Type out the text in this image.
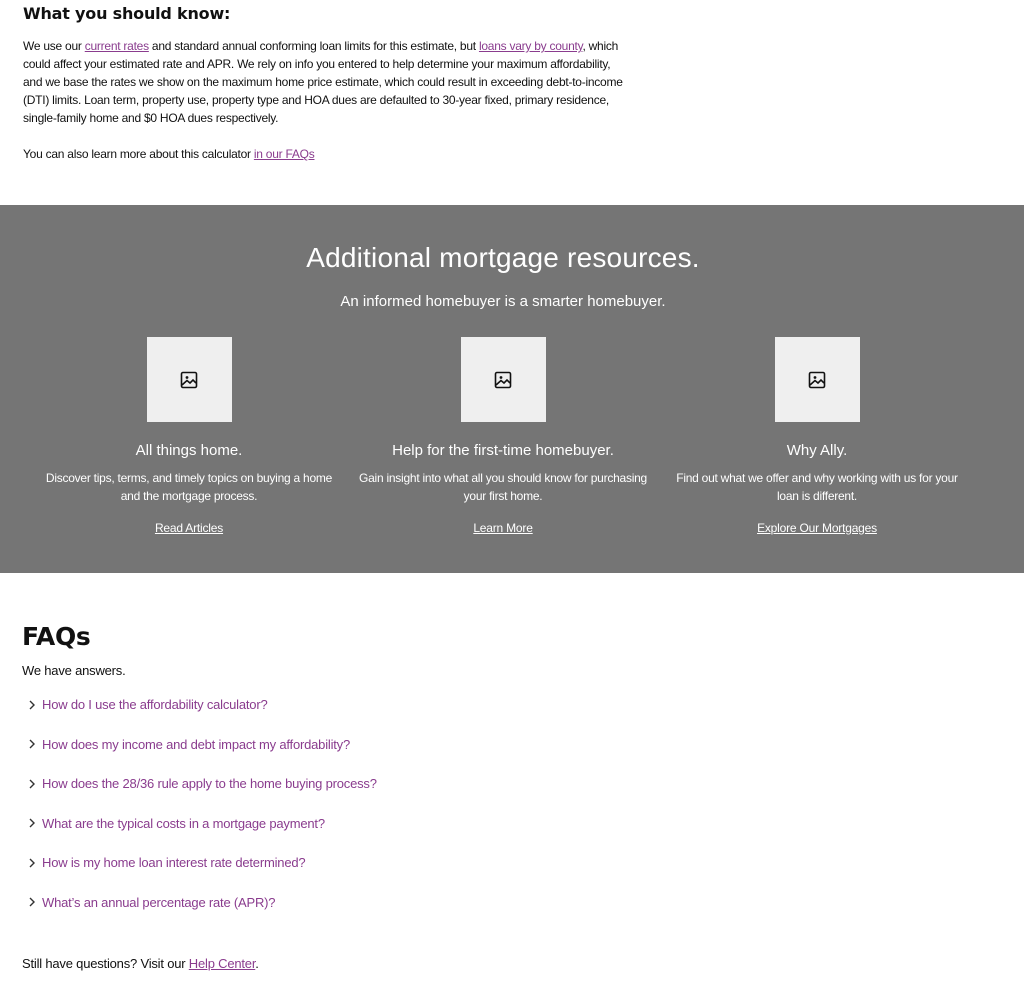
What you should know:

We use our current rates and standard annual conforming loan limits for this estimate, but loans vary by county, which could affect your estimated rate and APR. We rely on info you entered to help determine your maximum affordability, and we base the rates we show on the maximum home price estimate, which could result in exceeding debt-to-income (DTI) limits. Loan term, property use, property type and HOA dues are defaulted to 30-year fixed, primary residence, single-family home and $0 HOA dues respectively.

You can also learn more about this calculator in our FAQs

Additional mortgage resources.

An informed homebuyer is a smarter homebuyer.

All things home.

Discover tips, terms, and timely topics on buying a home and the mortgage process.

Read Articles
Help for the first-time homebuyer.

Gain insight into what all you should know for purchasing your first home.

Learn More
Why Ally.

Find out what we offer and why working with us for your loan is different.

Explore Our Mortgages
FAQs

We have answers.

How do I use the affordability calculator?
How does my income and debt impact my affordability?
How does the 28/36 rule apply to the home buying process?
What are the typical costs in a mortgage payment?
How is my home loan interest rate determined?
What’s an annual percentage rate (APR)?

Still have questions? Visit our Help Center.
